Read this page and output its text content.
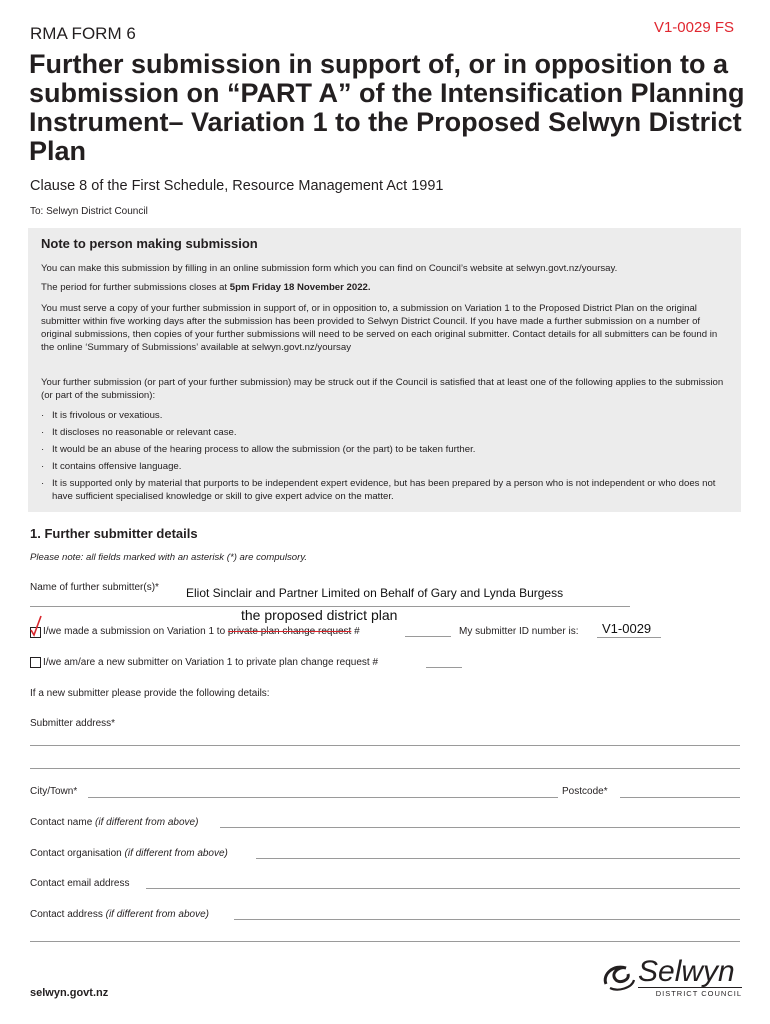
RMA FORM 6	V1-0029 FS
Further submission in support of, or in opposition to a submission on “PART A” of the Intensification Planning Instrument– Variation 1 to the Proposed Selwyn District Plan
Clause 8 of the First Schedule, Resource Management Act 1991
To: Selwyn District Council
Note to person making submission
You can make this submission by filling in an online submission form which you can find on Council’s website at selwyn.govt.nz/yoursay.
The period for further submissions closes at 5pm Friday 18 November 2022.
You must serve a copy of your further submission in support of, or in opposition to, a submission on Variation 1 to the Proposed District Plan on the original submitter within five working days after the submission has been provided to Selwyn District Council. If you have made a further submission on a number of original submissions, then copies of your further submissions will need to be served on each original submitter. Contact details for all submitters can be found in the online ‘Summary of Submissions’ available at selwyn.govt.nz/yoursay
Your further submission (or part of your further submission) may be struck out if the Council is satisfied that at least one of the following applies to the submission (or part of the submission):
· It is frivolous or vexatious.
· It discloses no reasonable or relevant case.
· It would be an abuse of the hearing process to allow the submission (or the part) to be taken further.
· It contains offensive language.
· It is supported only by material that purports to be independent expert evidence, but has been prepared by a person who is not independent or who does not have sufficient specialised knowledge or skill to give expert advice on the matter.
1. Further submitter details
Please note: all fields marked with an asterisk (*) are compulsory.
Name of further submitter(s)* Eliot Sinclair and Partner Limited on Behalf of Gary and Lynda Burgess
the proposed district plan
I/we made a submission on Variation 1 to private plan change request #	My submitter ID number is: V1-0029
I/we am/are a new submitter on Variation 1 to private plan change request #
If a new submitter please provide the following details:
Submitter address*
City/Town*	Postcode*
Contact name (if different from above)
Contact organisation (if different from above)
Contact email address
Contact address (if different from above)
selwyn.govt.nz
Selwyn
DISTRICT COUNCIL
